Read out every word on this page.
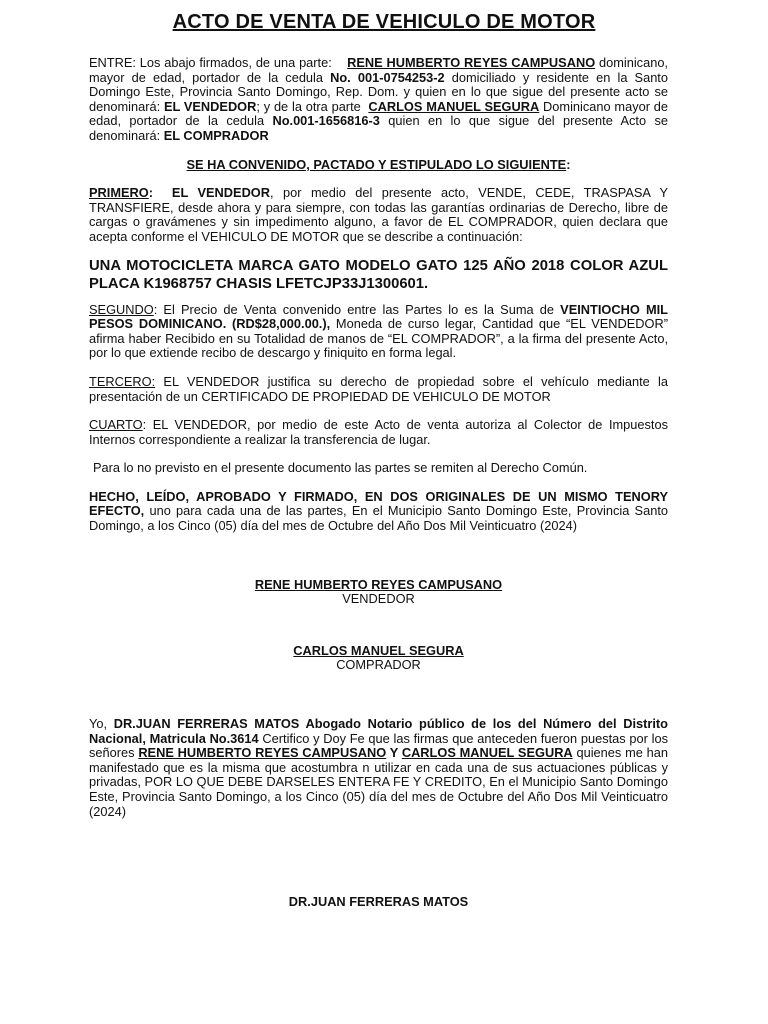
ACTO DE VENTA DE VEHICULO DE MOTOR

ENTRE: Los abajo firmados, de una parte:    RENE HUMBERTO REYES CAMPUSANO dominicano, mayor de edad, portador de la cedula No. 001-0754253-2 domiciliado y residente en la Santo Domingo Este, Provincia Santo Domingo, Rep. Dom. y quien en lo que sigue del presente acto se denominará: EL VENDEDOR; y de la otra parte  CARLOS MANUEL SEGURA Dominicano mayor de edad, portador de la cedula No.001-1656816-3 quien en lo que sigue del presente Acto se denominará: EL COMPRADOR

SE HA CONVENIDO, PACTADO Y ESTIPULADO LO SIGUIENTE:

PRIMERO: EL VENDEDOR, por medio del presente acto, VENDE, CEDE, TRASPASA Y TRANSFIERE, desde ahora y para siempre, con todas las garantías ordinarias de Derecho, libre de cargas o gravámenes y sin impedimento alguno, a favor de EL COMPRADOR, quien declara que acepta conforme el VEHICULO DE MOTOR que se describe a continuación:

UNA MOTOCICLETA MARCA GATO MODELO GATO 125 AÑO 2018 COLOR AZUL PLACA K1968757 CHASIS LFETCJP33J1300601.

SEGUNDO: El Precio de Venta convenido entre las Partes lo es la Suma de VEINTIOCHO MIL PESOS DOMINICANO. (RD$28,000.00.), Moneda de curso legar, Cantidad que “EL VENDEDOR” afirma haber Recibido en su Totalidad de manos de “EL COMPRADOR”, a la firma del presente Acto, por lo que extiende recibo de descargo y finiquito en forma legal.

TERCERO: EL VENDEDOR justifica su derecho de propiedad sobre el vehículo mediante la presentación de un CERTIFICADO DE PROPIEDAD DE VEHICULO DE MOTOR

CUARTO: EL VENDEDOR, por medio de este Acto de venta autoriza al Colector de Impuestos Internos correspondiente a realizar la transferencia de lugar.

Para lo no previsto en el presente documento las partes se remiten al Derecho Común.

HECHO, LEÍDO, APROBADO Y FIRMADO, EN DOS ORIGINALES DE UN MISMO TENORY EFECTO, uno para cada una de las partes, En el Municipio Santo Domingo Este, Provincia Santo Domingo, a los Cinco (05) día del mes de Octubre del Año Dos Mil Veinticuatro (2024)

RENE HUMBERTO REYES CAMPUSANO
VENDEDOR
CARLOS MANUEL SEGURA
COMPRADOR

Yo, DR.JUAN FERRERAS MATOS Abogado Notario público de los del Número del Distrito Nacional, Matricula No.3614 Certifico y Doy Fe que las firmas que anteceden fueron puestas por los señores RENE HUMBERTO REYES CAMPUSANO Y CARLOS MANUEL SEGURA quienes me han manifestado que es la misma que acostumbra n utilizar en cada una de sus actuaciones públicas y privadas, POR LO QUE DEBE DARSELES ENTERA FE Y CREDITO, En el Municipio Santo Domingo Este, Provincia Santo Domingo, a los Cinco (05) día del mes de Octubre del Año Dos Mil Veinticuatro (2024)

DR.JUAN FERRERAS MATOS
